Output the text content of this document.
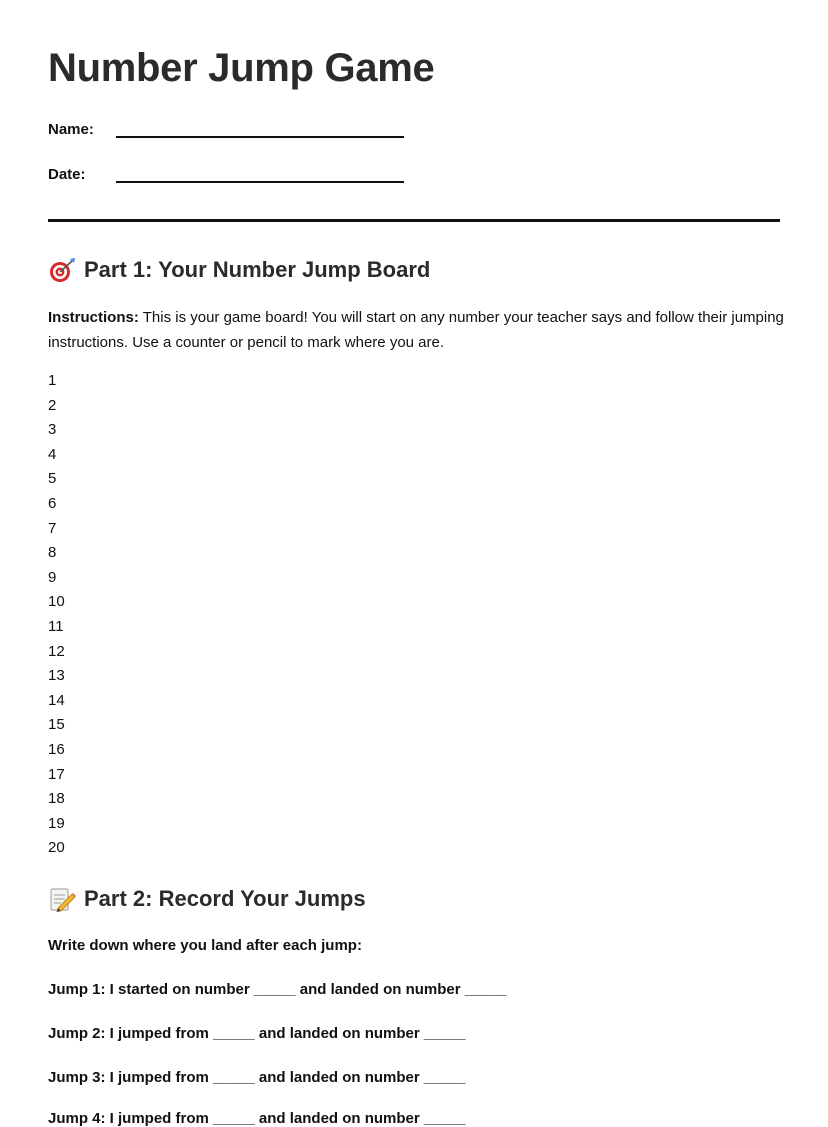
Number Jump Game
Name:
Date:
Part 1: Your Number Jump Board

Instructions: This is your game board! You will start on any number your teacher says and follow their jumping instructions. Use a counter or pencil to mark where you are.

1
2
3
4
5
6
7
8
9
10
11
12
13
14
15
16
17
18
19
20
Part 2: Record Your Jumps

Write down where you land after each jump:

Jump 1: I started on number _____ and landed on number _____

Jump 2: I jumped from _____ and landed on number _____

Jump 3: I jumped from _____ and landed on number _____

Jump 4: I jumped from _____ and landed on number _____
